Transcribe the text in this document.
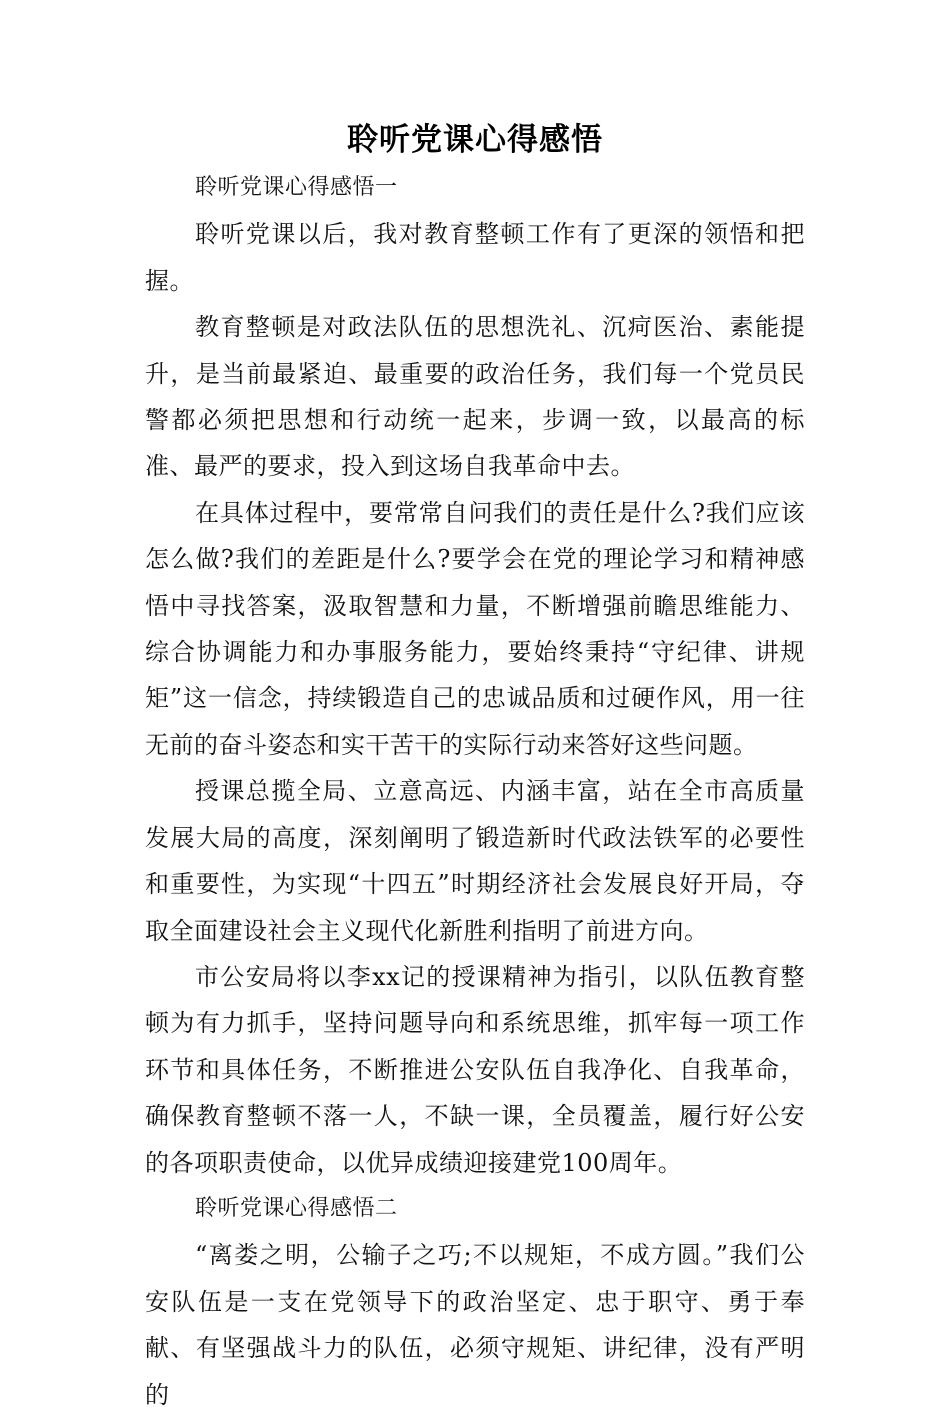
聆听党课心得感悟

聆听党课心得感悟一

聆听党课以后，我对教育整顿工作有了更深的领悟和把握。

教育整顿是对政法队伍的思想洗礼、沉疴医治、素能提升，是当前最紧迫、最重要的政治任务，我们每一个党员民警都必须把思想和行动统一起来，步调一致，以最高的标准、最严的要求，投入到这场自我革命中去。

在具体过程中，要常常自问我们的责任是什么?我们应该怎么做?我们的差距是什么?要学会在党的理论学习和精神感悟中寻找答案，汲取智慧和力量，不断增强前瞻思维能力、综合协调能力和办事服务能力，要始终秉持“守纪律、讲规矩”这一信念，持续锻造自己的忠诚品质和过硬作风，用一往无前的奋斗姿态和实干苦干的实际行动来答好这些问题。

授课总揽全局、立意高远、内涵丰富，站在全市高质量发展大局的高度，深刻阐明了锻造新时代政法铁军的必要性和重要性，为实现“十四五”时期经济社会发展良好开局，夺取全面建设社会主义现代化新胜利指明了前进方向。

市公安局将以李xx记的授课精神为指引，以队伍教育整顿为有力抓手，坚持问题导向和系统思维，抓牢每一项工作环节和具体任务，不断推进公安队伍自我净化、自我革命，确保教育整顿不落一人，不缺一课，全员覆盖，履行好公安的各项职责使命，以优异成绩迎接建党100周年。

聆听党课心得感悟二

“离娄之明，公输子之巧;不以规矩，不成方圆。”我们公安队伍是一支在党领导下的政治坚定、忠于职守、勇于奉献、有坚强战斗力的队伍，必须守规矩、讲纪律，没有严明的
